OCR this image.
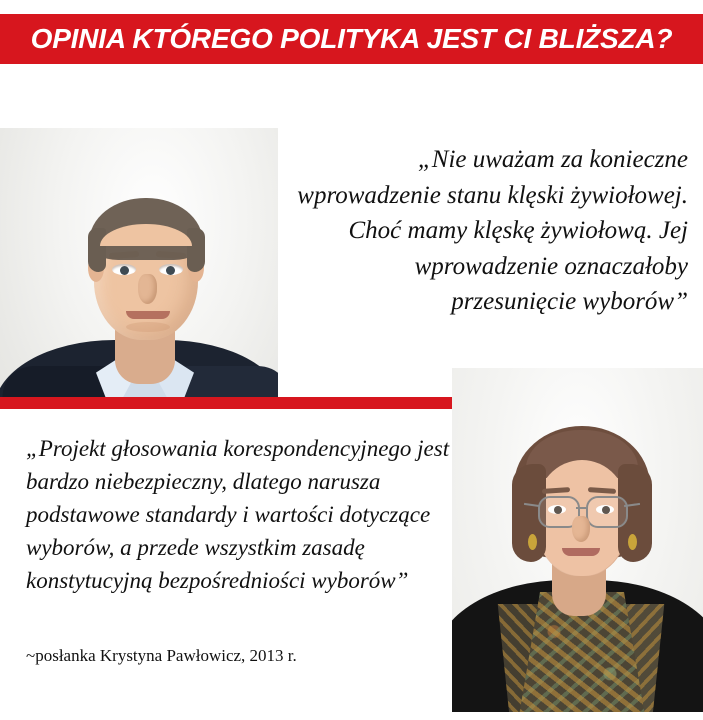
OPINIA KTÓREGO POLITYKA JEST CI BLIŻSZA?
„Nie uważam za konieczne wprowadzenie stanu klęski żywiołowej. Choć mamy klęskę żywiołową. Jej wprowadzenie oznaczałoby przesunięcie wyborów”
„Projekt głosowania korespondencyjnego jest bardzo niebezpieczny, dlatego narusza podstawowe standardy i wartości dotyczące wyborów, a przede wszystkim zasadę konstytucyjną bezpośredniości wyborów”
~posłanka Krystyna Pawłowicz, 2013 r.
